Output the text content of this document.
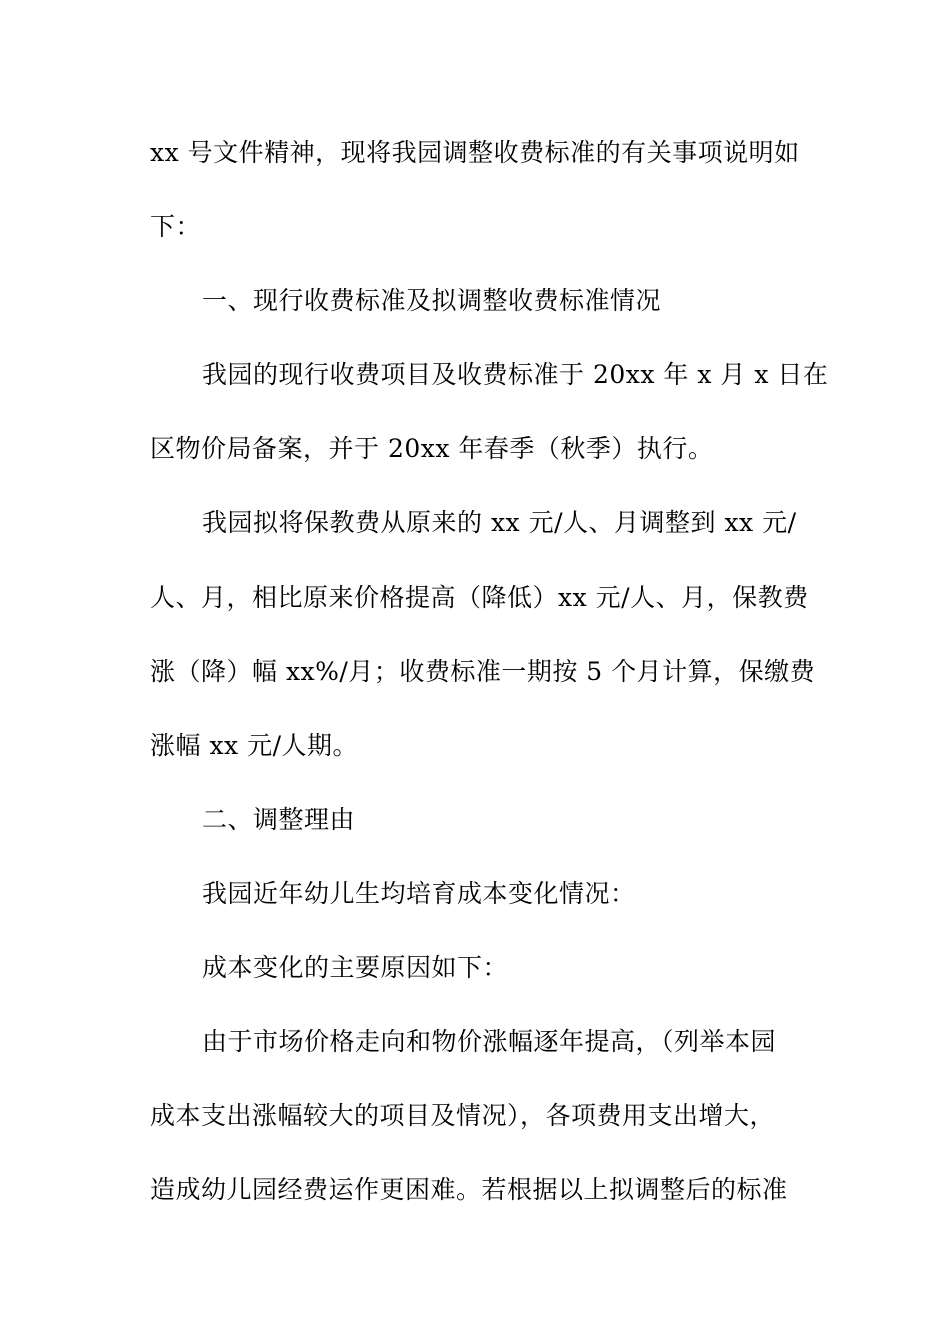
xx 号文件精神，现将我园调整收费标准的有关事项说明如
下：
一、现行收费标准及拟调整收费标准情况
我园的现行收费项目及收费标准于 20xx 年 x 月 x 日在
区物价局备案，并于 20xx 年春季（秋季）执行。
我园拟将保教费从原来的 xx 元/人、月调整到 xx 元/
人、月，相比原来价格提高（降低）xx 元/人、月，保教费
涨（降）幅 xx%/月；收费标准一期按 5 个月计算，保缴费
涨幅 xx 元/人期。
二、调整理由
我园近年幼儿生均培育成本变化情况：
成本变化的主要原因如下：
由于市场价格走向和物价涨幅逐年提高，（列举本园
成本支出涨幅较大的项目及情况），各项费用支出增大，
造成幼儿园经费运作更困难。若根据以上拟调整后的标准
